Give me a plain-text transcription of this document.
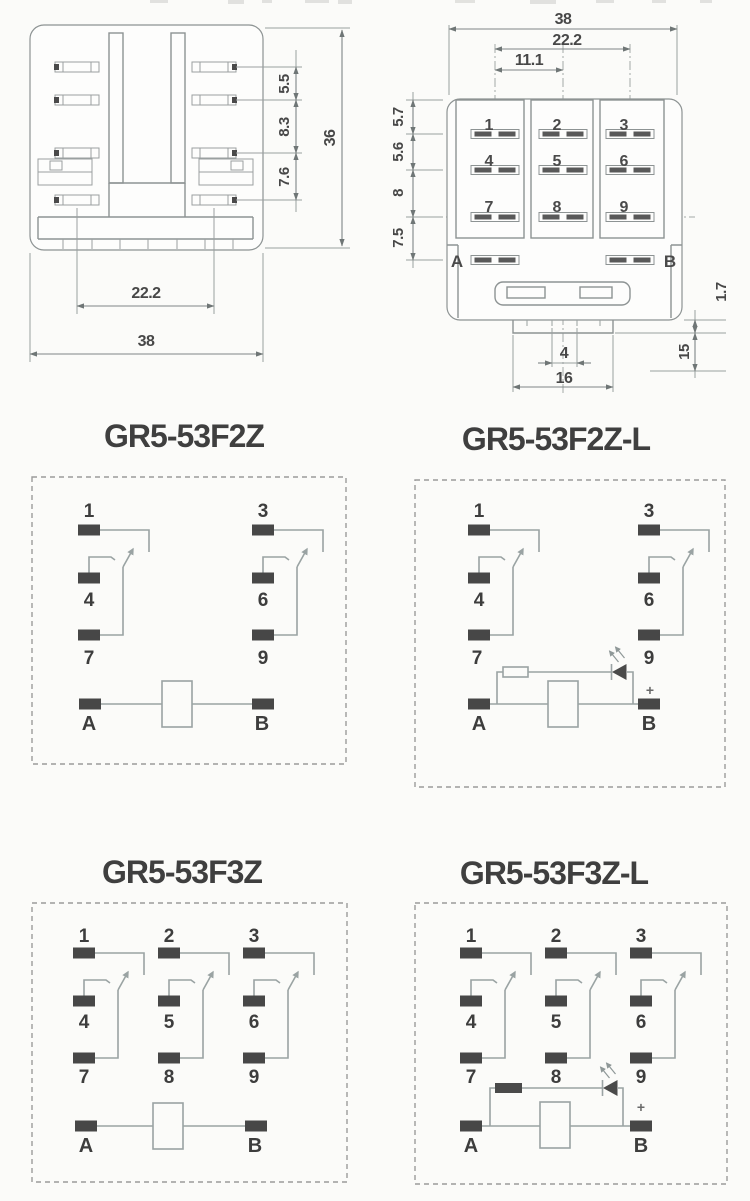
5.5
8.3
7.6
36
22.2
38
1	2	3
4	5	6
7	8	9
A	B
38
22.2
11.1
5.7
5.6
8
7.5
1.7
15
4
16
GR5-53F2Z
1	3
4	6
7	9
A	B
GR5-53F2Z-L
1	3
4	6
7	9
+
A	B
GR5-53F3Z
1	2	3
4	5	6
7	8	9
A	B
GR5-53F3Z-L
1	2	3
4	5	6
7	8	9
+
A	B
